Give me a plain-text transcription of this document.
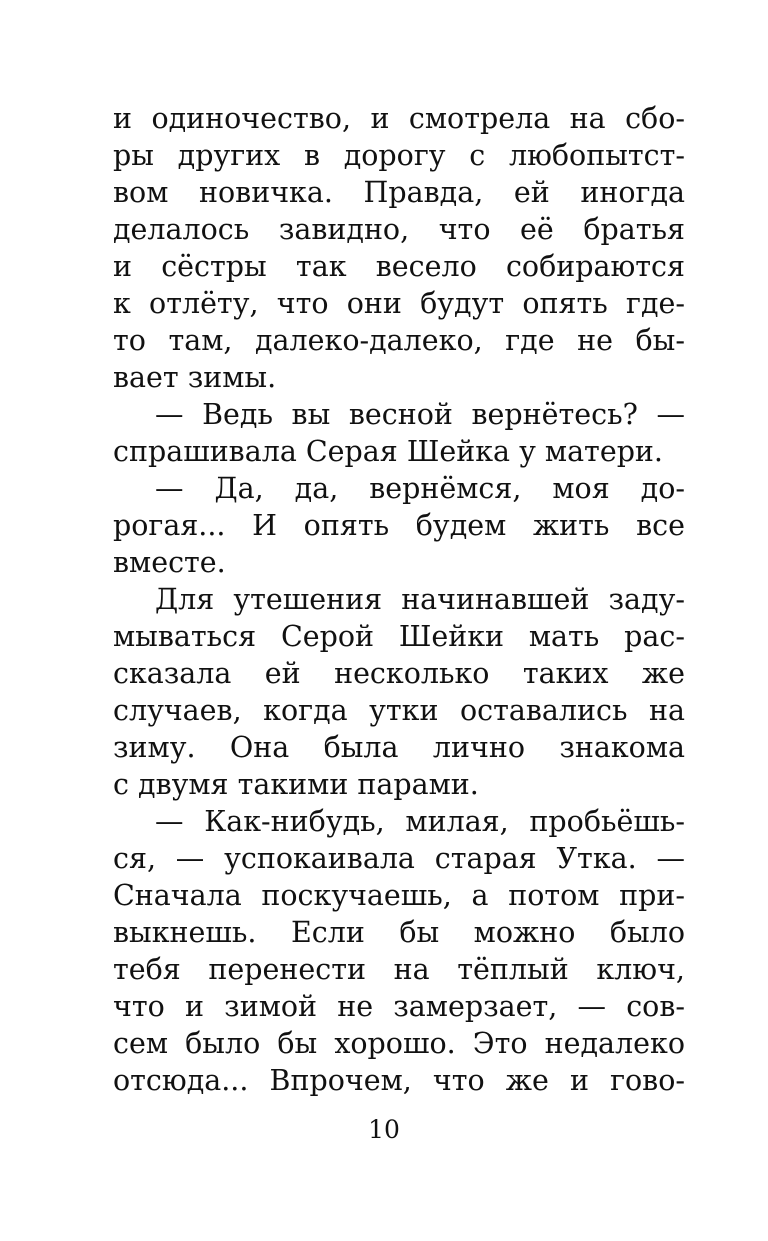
и одиночество, и смотрела на сбо-
ры других в дорогу с любопытст-
вом новичка. Правда, ей иногда
делалось завидно, что её братья
и сёстры так весело собираются
к отлёту, что они будут опять где-
то там, далеко-далеко, где не бы-
вает зимы.
— Ведь вы весной вернётесь? —
спрашивала Серая Шейка у матери.
— Да, да, вернёмся, моя до-
рогая... И опять будем жить все
вместе.
Для утешения начинавшей заду-
мываться Серой Шейки мать рас-
сказала ей несколько таких же
случаев, когда утки оставались на
зиму. Она была лично знакома
с двумя такими парами.
— Как-нибудь, милая, пробьёшь-
ся, — успокаивала старая Утка. —
Сначала поскучаешь, а потом при-
выкнешь. Если бы можно было
тебя перенести на тёплый ключ,
что и зимой не замерзает, — сов-
сем было бы хорошо. Это недалеко
отсюда... Впрочем, что же и гово-
10
